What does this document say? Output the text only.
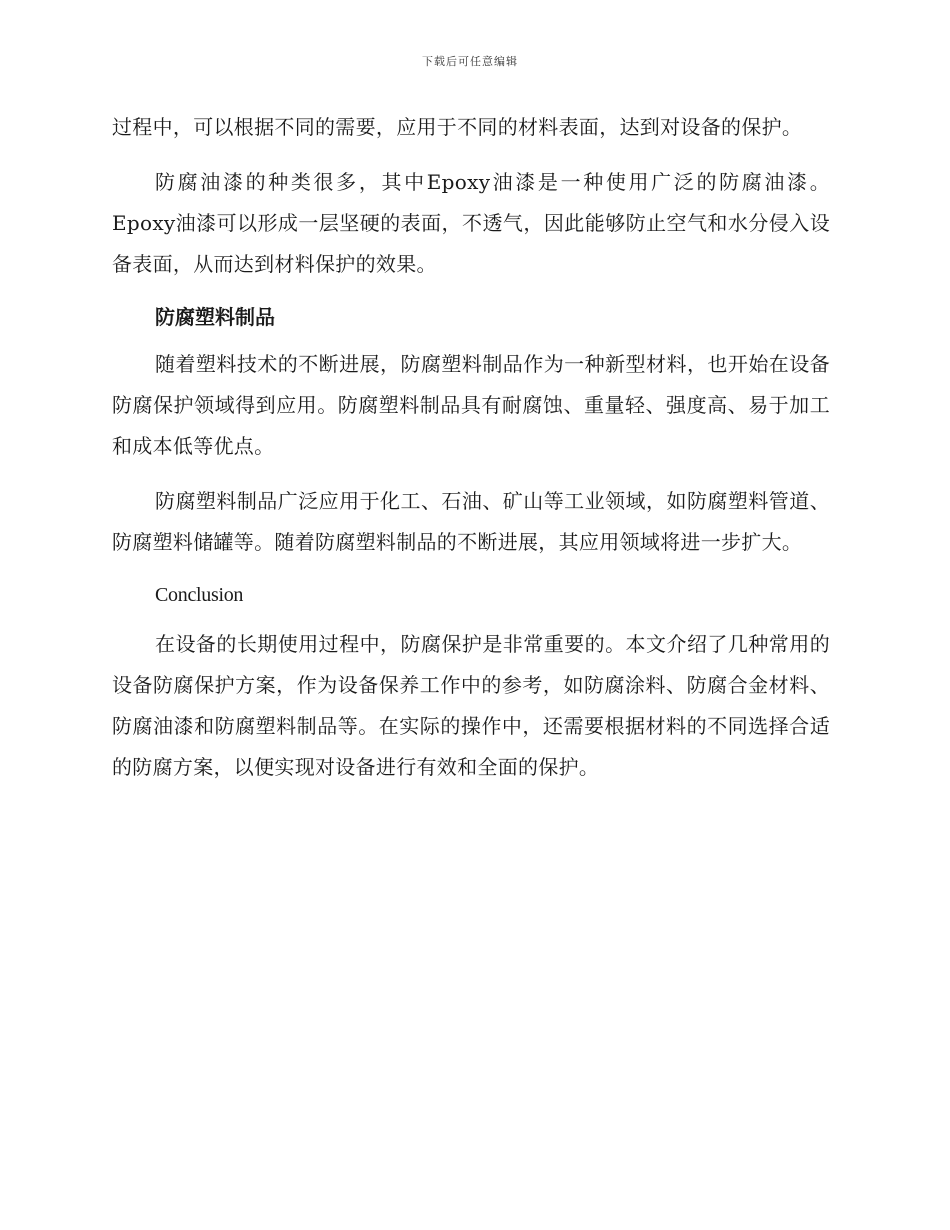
下载后可任意编辑

过程中，可以根据不同的需要，应用于不同的材料表面，达到对设备的保护。

防腐油漆的种类很多，其中Epoxy油漆是一种使用广泛的防腐油漆。Epoxy油漆可以形成一层坚硬的表面，不透气，因此能够防止空气和水分侵入设备表面，从而达到材料保护的效果。

防腐塑料制品

随着塑料技术的不断进展，防腐塑料制品作为一种新型材料，也开始在设备防腐保护领域得到应用。防腐塑料制品具有耐腐蚀、重量轻、强度高、易于加工和成本低等优点。

防腐塑料制品广泛应用于化工、石油、矿山等工业领域，如防腐塑料管道、防腐塑料储罐等。随着防腐塑料制品的不断进展，其应用领域将进一步扩大。

Conclusion

在设备的长期使用过程中，防腐保护是非常重要的。本文介绍了几种常用的设备防腐保护方案，作为设备保养工作中的参考，如防腐涂料、防腐合金材料、防腐油漆和防腐塑料制品等。在实际的操作中，还需要根据材料的不同选择合适的防腐方案，以便实现对设备进行有效和全面的保护。
